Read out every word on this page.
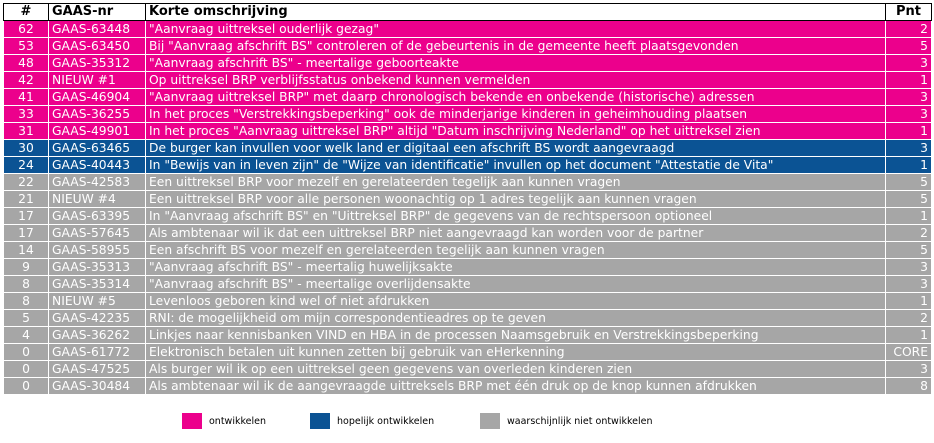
#	GAAS-nr	Korte omschrijving	Pnt
62	GAAS-63448	"Aanvraag uittreksel ouderlijk gezag"	2
53	GAAS-63450	Bij "Aanvraag afschrift BS" controleren of de gebeurtenis in de gemeente heeft plaatsgevonden	5
48	GAAS-35312	"Aanvraag afschrift BS" - meertalige geboorteakte	3
42	NIEUW #1	Op uittreksel BRP verblijfsstatus onbekend kunnen vermelden	1
41	GAAS-46904	"Aanvraag uittreksel BRP" met daarp chronologisch bekende en onbekende (historische) adressen	3
33	GAAS-36255	In het proces "Verstrekkingsbeperking" ook de minderjarige kinderen in geheimhouding plaatsen	3
31	GAAS-49901	In het proces "Aanvraag uittreksel BRP" altijd "Datum inschrijving Nederland" op het uittreksel zien	1
30	GAAS-63465	De burger kan invullen voor welk land er digitaal een afschrift BS wordt aangevraagd	3
24	GAAS-40443	In "Bewijs van in leven zijn" de "Wijze van identificatie" invullen op het document "Attestatie de Vita"	1
22	GAAS-42583	Een uittreksel BRP voor mezelf en gerelateerden tegelijk aan kunnen vragen	5
21	NIEUW #4	Een uittreksel BRP voor alle personen woonachtig op 1 adres tegelijk aan kunnen vragen	5
17	GAAS-63395	In "Aanvraag afschrift BS" en "Uittreksel BRP" de gegevens van de rechtspersoon optioneel	1
17	GAAS-57645	Als ambtenaar wil ik dat een uittreksel BRP niet aangevraagd kan worden voor de partner	2
14	GAAS-58955	Een afschrift BS voor mezelf en gerelateerden tegelijk aan kunnen vragen	5
9	GAAS-35313	"Aanvraag afschrift BS" - meertalig huwelijksakte	3
8	GAAS-35314	"Aanvraag afschrift BS" - meertalige overlijdensakte	3
8	NIEUW #5	Levenloos geboren kind wel of niet afdrukken	1
5	GAAS-42235	RNI: de mogelijkheid om mijn correspondentieadres op te geven	2
4	GAAS-36262	Linkjes naar kennisbanken VIND en HBA in de processen Naamsgebruik en Verstrekkingsbeperking	1
0	GAAS-61772	Elektronisch betalen uit kunnen zetten bij gebruik van eHerkenning	CORE
0	GAAS-47525	Als burger wil ik op een uittreksel geen gegevens van overleden kinderen zien	3
0	GAAS-30484	Als ambtenaar wil ik de aangevraagde uittreksels BRP met één druk op de knop kunnen afdrukken	8
ontwikkelen	hopelijk ontwikkelen	waarschijnlijk niet ontwikkelen
